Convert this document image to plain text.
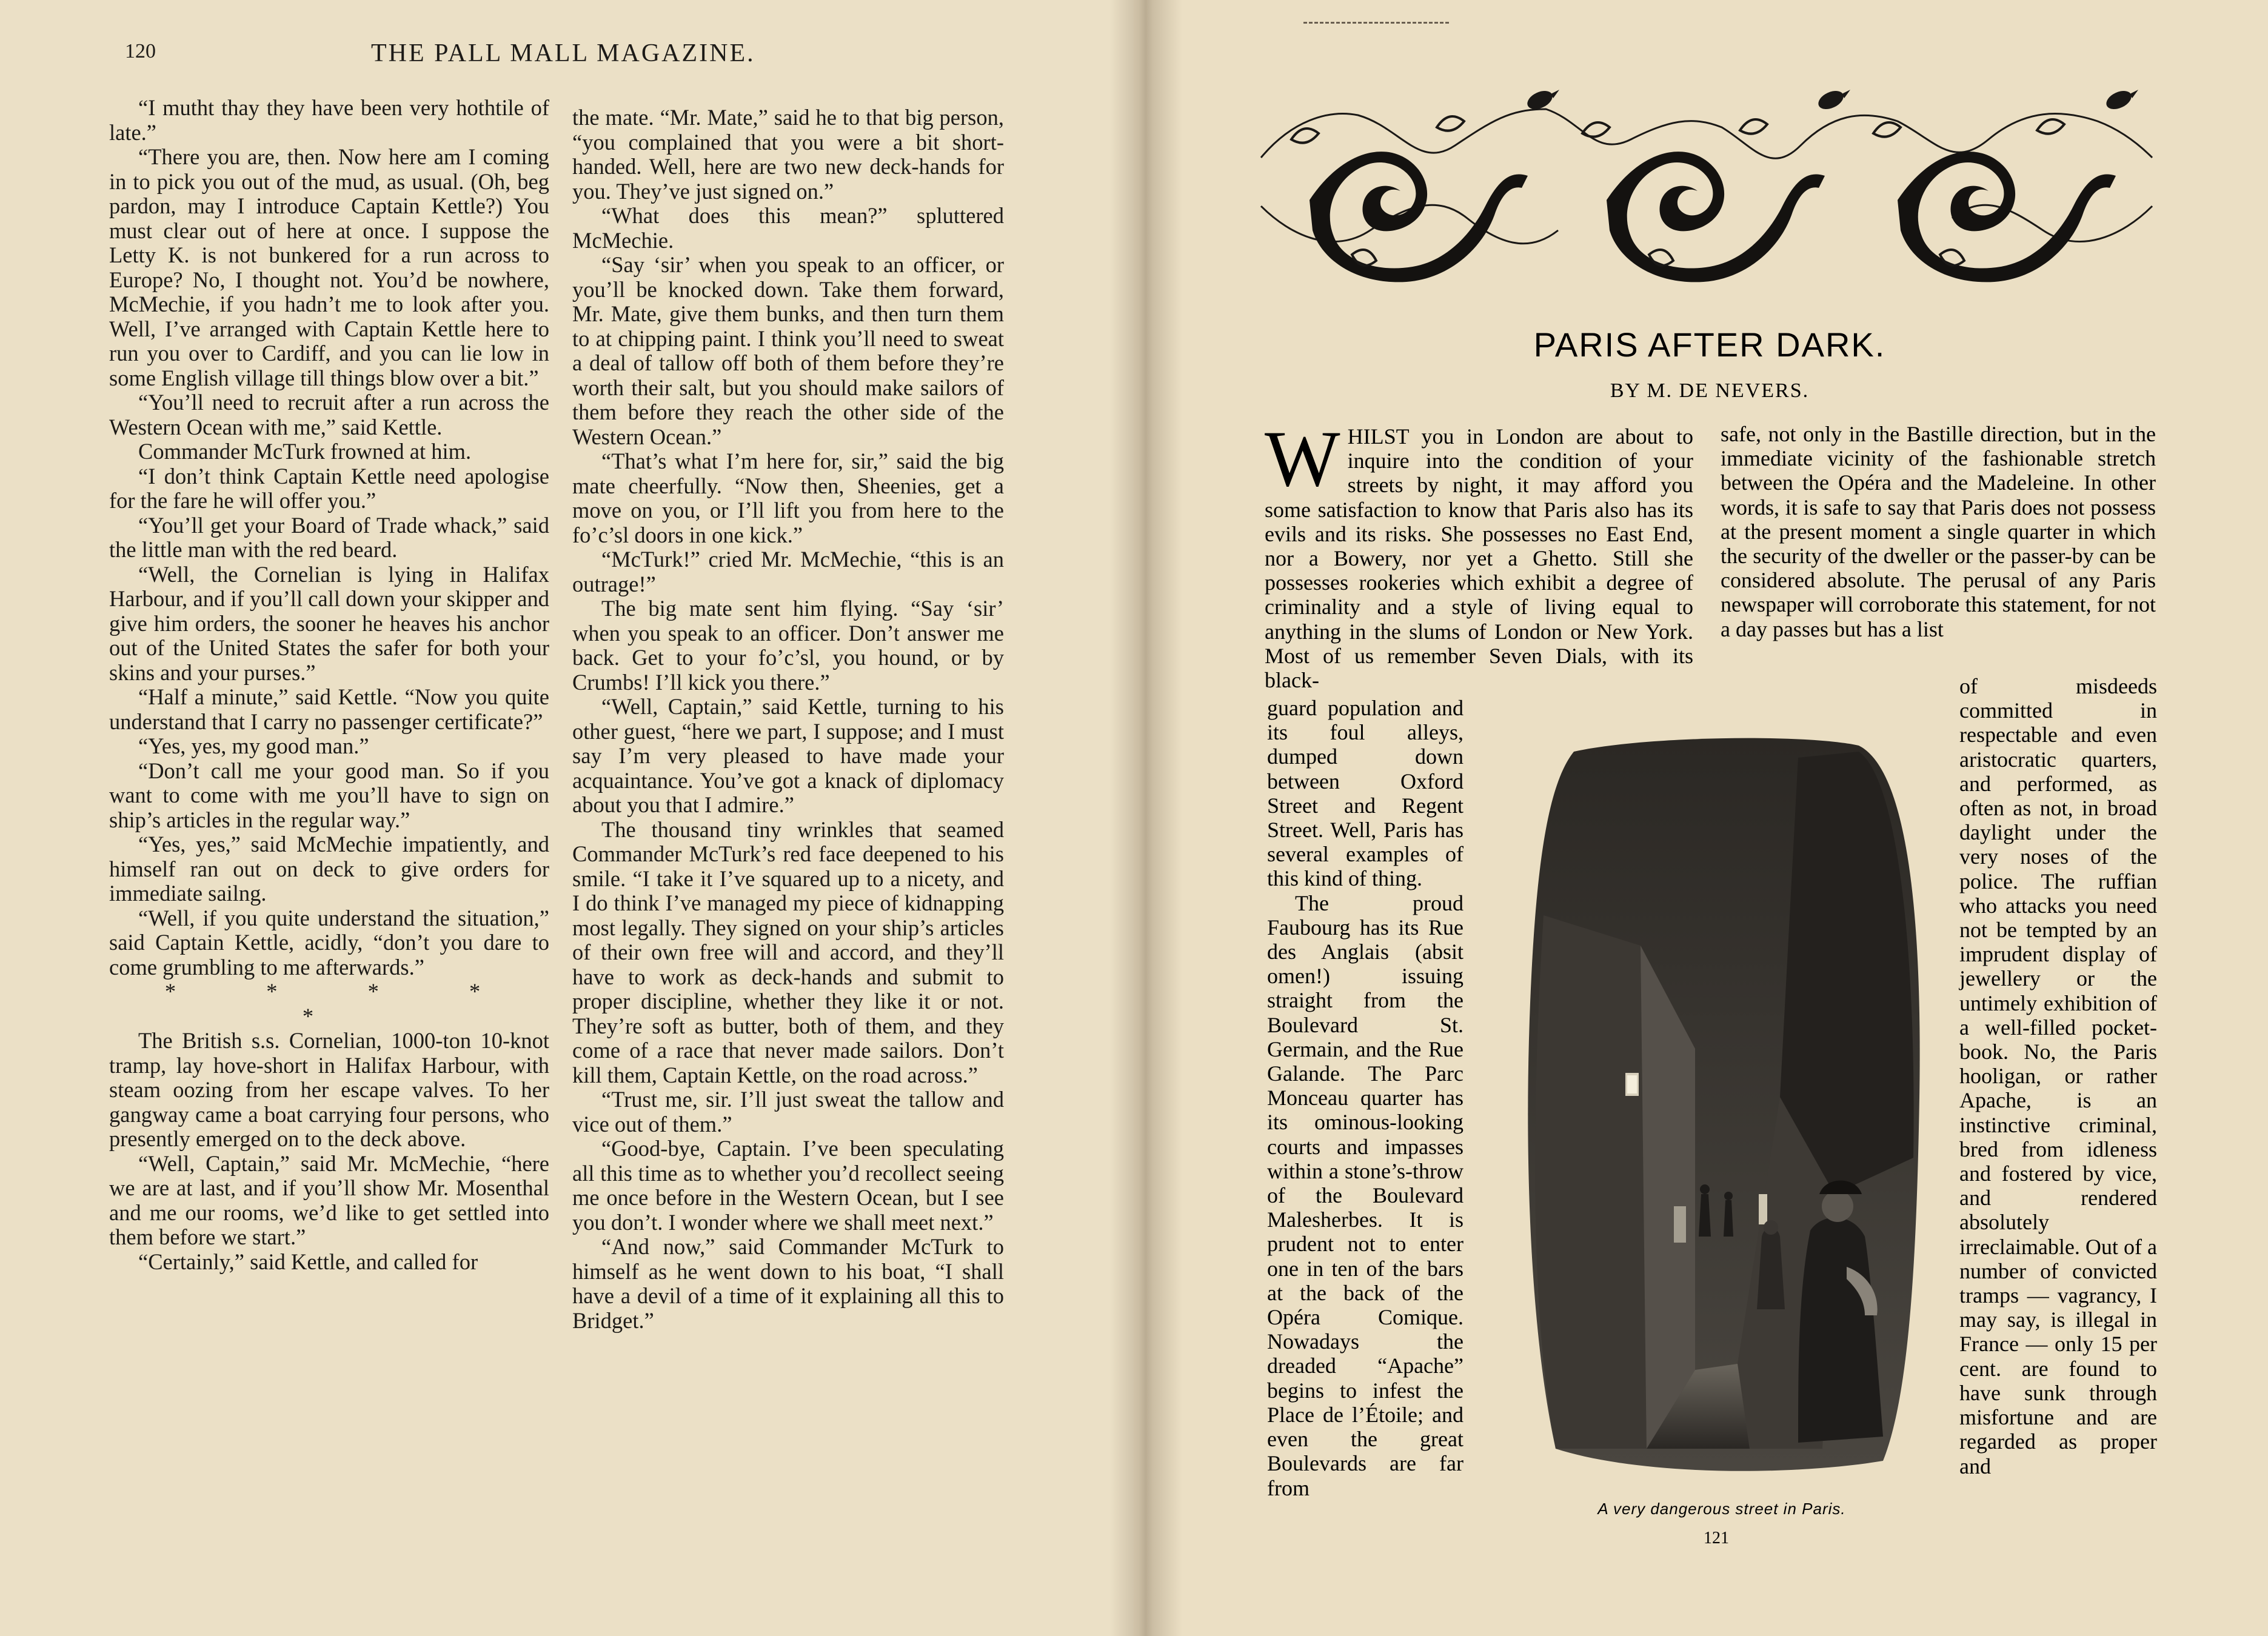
120	THE PALL MALL MAGAZINE.

“I mutht thay they have been very hothtile of late.”

“There you are, then. Now here am I coming in to pick you out of the mud, as usual. (Oh, beg pardon, may I introduce Captain Kettle?) You must clear out of here at once. I suppose the Letty K. is not bunkered for a run across to Europe? No, I thought not. You’d be nowhere, McMechie, if you hadn’t me to look after you. Well, I’ve arranged with Captain Kettle here to run you over to Cardiff, and you can lie low in some English village till things blow over a bit.”

“You’ll need to recruit after a run across the Western Ocean with me,” said Kettle.

Commander McTurk frowned at him.

“I don’t think Captain Kettle need apologise for the fare he will offer you.”

“You’ll get your Board of Trade whack,” said the little man with the red beard.

“Well, the Cornelian is lying in Halifax Harbour, and if you’ll call down your skipper and give him orders, the sooner he heaves his anchor out of the United States the safer for both your skins and your purses.”

“Half a minute,” said Kettle. “Now you quite understand that I carry no passenger certificate?”

“Yes, yes, my good man.”

“Don’t call me your good man. So if you want to come with me you’ll have to sign on ship’s articles in the regular way.”

“Yes, yes,” said McMechie impatiently, and himself ran out on deck to give orders for immediate sailng.

“Well, if you quite understand the situation,” said Captain Kettle, acidly, “don’t you dare to come grumbling to me afterwards.”

* * * * *

The British s.s. Cornelian, 1000-ton 10-knot tramp, lay hove-short in Halifax Harbour, with steam oozing from her escape valves. To her gangway came a boat carrying four persons, who presently emerged on to the deck above.

“Well, Captain,” said Mr. McMechie, “here we are at last, and if you’ll show Mr. Mosenthal and me our rooms, we’d like to get settled into them before we start.”

“Certainly,” said Kettle, and called for

the mate. “Mr. Mate,” said he to that big person, “you complained that you were a bit short-handed. Well, here are two new deck-hands for you. They’ve just signed on.”

“What does this mean?” spluttered McMechie.

“Say ‘sir’ when you speak to an officer, or you’ll be knocked down. Take them forward, Mr. Mate, give them bunks, and then turn them to at chipping paint. I think you’ll need to sweat a deal of tallow off both of them before they’re worth their salt, but you should make sailors of them before they reach the other side of the Western Ocean.”

“That’s what I’m here for, sir,” said the big mate cheerfully. “Now then, Sheenies, get a move on you, or I’ll lift you from here to the fo’c’sl doors in one kick.”

“McTurk!” cried Mr. McMechie, “this is an outrage!”

The big mate sent him flying. “Say ‘sir’ when you speak to an officer. Don’t answer me back. Get to your fo’c’sl, you hound, or by Crumbs! I’ll kick you there.”

“Well, Captain,” said Kettle, turning to his other guest, “here we part, I suppose; and I must say I’m very pleased to have made your acquaintance. You’ve got a knack of diplomacy about you that I admire.”

The thousand tiny wrinkles that seamed Commander McTurk’s red face deepened to his smile. “I take it I’ve squared up to a nicety, and I do think I’ve managed my piece of kidnapping most legally. They signed on your ship’s articles of their own free will and accord, and they’ll have to work as deck-hands and submit to proper discipline, whether they like it or not. They’re soft as butter, both of them, and they come of a race that never made sailors. Don’t kill them, Captain Kettle, on the road across.”

“Trust me, sir. I’ll just sweat the tallow and vice out of them.”

“Good-bye, Captain. I’ve been speculating all this time as to whether you’d recollect seeing me once before in the Western Ocean, but I see you don’t. I wonder where we shall meet next.”

“And now,” said Commander McTurk to himself as he went down to his boat, “I shall have a devil of a time of it explaining all this to Bridget.”

PARIS AFTER DARK.
BY M. DE NEVERS.

WHILST you in London are about to inquire into the condition of your streets by night, it may afford you some satisfaction to know that Paris also has its evils and its risks. She possesses no East End, nor a Bowery, nor yet a Ghetto. Still she possesses rookeries which exhibit a degree of criminality and a style of living equal to anything in the slums of London or New York. Most of us remember Seven Dials, with its black-

guard population and its foul alleys, dumped down between Oxford Street and Regent Street. Well, Paris has several examples of this kind of thing.

The proud Faubourg has its Rue des Anglais (absit omen!) issuing straight from the Boulevard St. Germain, and the Rue Galande. The Parc Monceau quarter has its ominous-looking courts and impasses within a stone’s-throw of the Boulevard Malesherbes. It is prudent not to enter one in ten of the bars at the back of the Opéra Comique. Nowadays the dreaded “Apache” begins to infest the Place de l’Étoile; and even the great Boulevards are far from

safe, not only in the Bastille direction, but in the immediate vicinity of the fashionable stretch between the Opéra and the Madeleine. In other words, it is safe to say that Paris does not possess at the present moment a single quarter in which the security of the dweller or the passer-by can be considered absolute. The perusal of any Paris newspaper will corroborate this statement, for not a day passes but has a list

of misdeeds committed in respectable and even aristocratic quarters, and performed, as often as not, in broad daylight under the very noses of the police. The ruffian who attacks you need not be tempted by an imprudent display of jewellery or the untimely exhibition of a well-filled pocket-book. No, the Paris hooligan, or rather Apache, is an instinctive criminal, bred from idleness and fostered by vice, and rendered absolutely irreclaimable. Out of a number of convicted tramps — vagrancy, I may say, is illegal in France — only 15 per cent. are found to have sunk through misfortune and are regarded as proper and

A very dangerous street in Paris.
121
